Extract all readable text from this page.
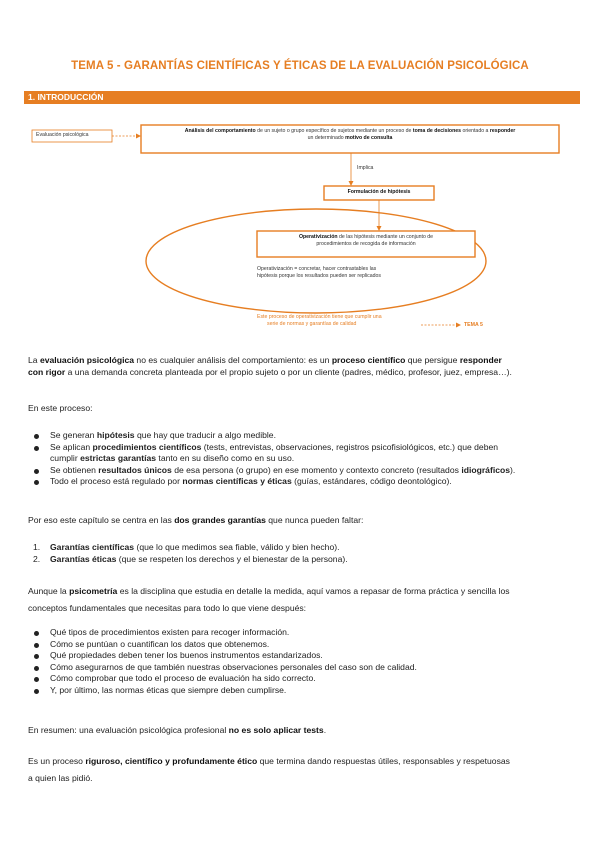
TEMA 5 - GARANTÍAS CIENTÍFICAS Y ÉTICAS DE LA EVALUACIÓN PSICOLÓGICA
1. INTRODUCCIÓN
Evaluación psicológica
Análisis del comportamiento de un sujeto o grupo específico de sujetos mediante un proceso de toma de decisiones orientado a responder
un determinado motivo de consulta
Implica
Formulación de hipótesis
Operativización de las hipótesis mediante un conjunto de
procedimientos de recogida de información
Operativización = concretar, hacer contrastables las
hipótesis porque los resultados pueden ser replicados
Este proceso de operativización tiene que cumplir una
serie de normas y garantías de calidad	TEMA 5
La evaluación psicológica no es cualquier análisis del comportamiento: es un proceso científico que persigue responder
con rigor a una demanda concreta planteada por el propio sujeto o por un cliente (padres, médico, profesor, juez, empresa…).
En este proceso:
Se generan hipótesis que hay que traducir a algo medible.
Se aplican procedimientos científicos (tests, entrevistas, observaciones, registros psicofisiológicos, etc.) que deben
cumplir estrictas garantías tanto en su diseño como en su uso.
Se obtienen resultados únicos de esa persona (o grupo) en ese momento y contexto concreto (resultados idiográficos).
Todo el proceso está regulado por normas científicas y éticas (guías, estándares, código deontológico).
Por eso este capítulo se centra en las dos grandes garantías que nunca pueden faltar:
1. Garantías científicas (que lo que medimos sea fiable, válido y bien hecho).
2. Garantías éticas (que se respeten los derechos y el bienestar de la persona).
Aunque la psicometría es la disciplina que estudia en detalle la medida, aquí vamos a repasar de forma práctica y sencilla los
conceptos fundamentales que necesitas para todo lo que viene después:
Qué tipos de procedimientos existen para recoger información.
Cómo se puntúan o cuantifican los datos que obtenemos.
Qué propiedades deben tener los buenos instrumentos estandarizados.
Cómo asegurarnos de que también nuestras observaciones personales del caso son de calidad.
Cómo comprobar que todo el proceso de evaluación ha sido correcto.
Y, por último, las normas éticas que siempre deben cumplirse.
En resumen: una evaluación psicológica profesional no es solo aplicar tests.
Es un proceso riguroso, científico y profundamente ético que termina dando respuestas útiles, responsables y respetuosas
a quien las pidió.
